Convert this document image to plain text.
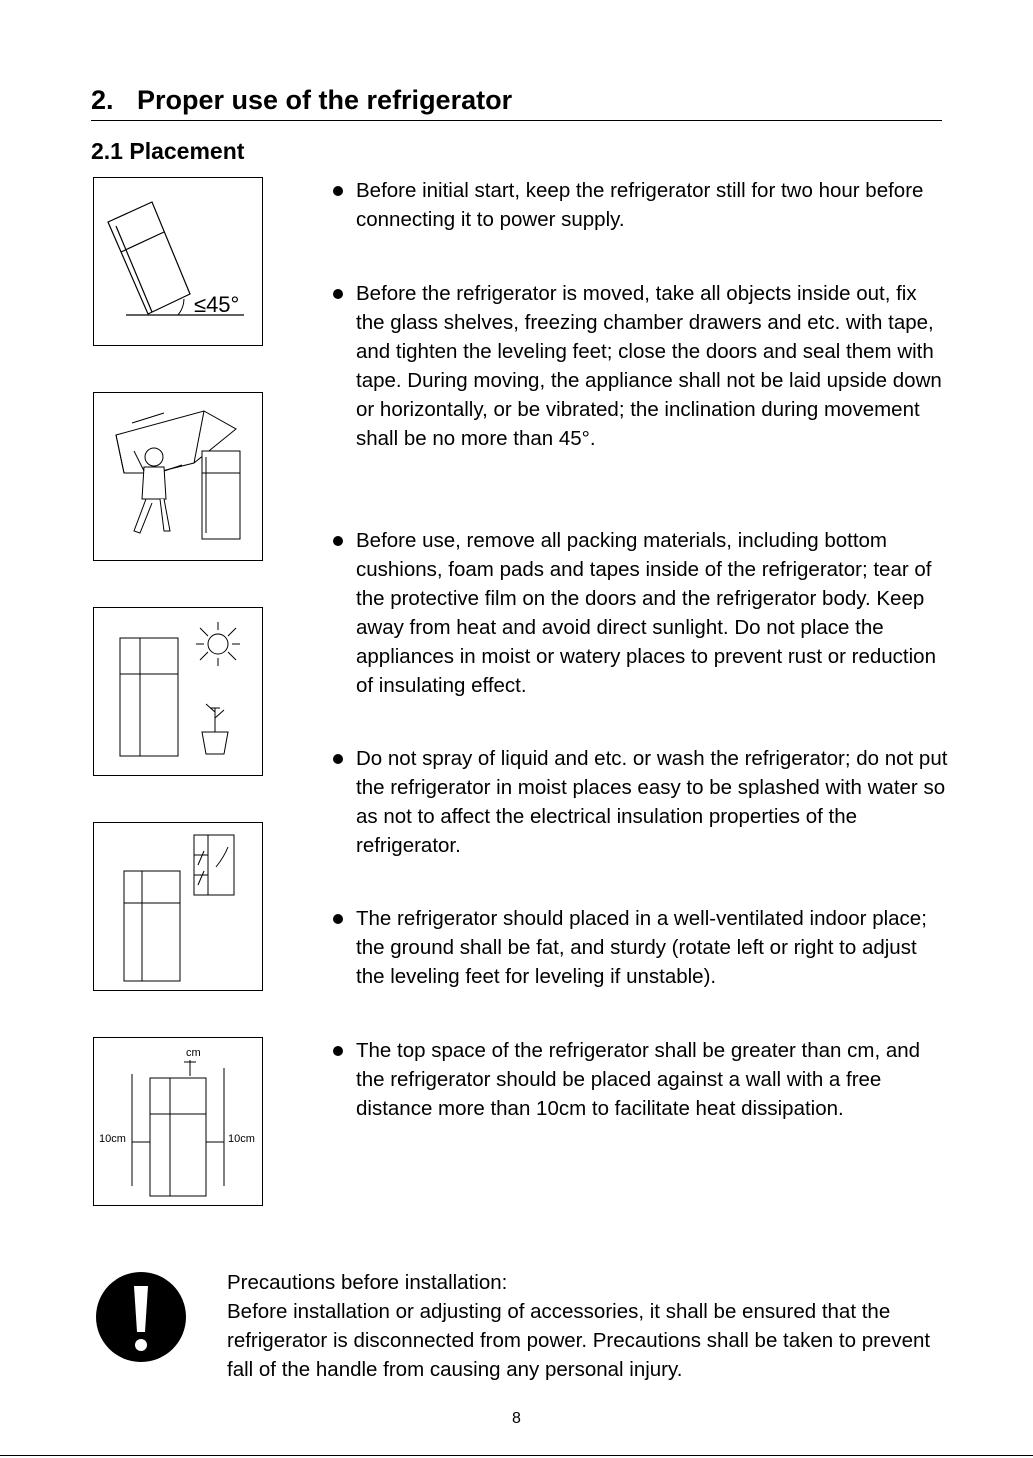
2. Proper use of the refrigerator
2.1 Placement
≤45°
cm
10cm	10cm
Before initial start, keep the refrigerator still for two hour before connecting it to power supply.
Before the refrigerator is moved, take all objects inside out, fix the glass shelves, freezing chamber drawers and etc. with tape, and tighten the leveling feet; close the doors and seal them with tape. During moving, the appliance shall not be laid upside down or horizontally, or be vibrated; the inclination during movement shall be no more than 45°.
Before use, remove all packing materials, including bottom cushions, foam pads and tapes inside of the refrigerator; tear of the protective film on the doors and the refrigerator body. Keep away from heat and avoid direct sunlight. Do not place the appliances in moist or watery places to prevent rust or reduction of insulating effect.
Do not spray of liquid and etc. or wash the refrigerator; do not put the refrigerator in moist places easy to be splashed with water so as not to affect the electrical insulation properties of the refrigerator.
The refrigerator should placed in a well-ventilated indoor place; the ground shall be fat, and sturdy (rotate left or right to adjust the leveling feet for leveling if unstable).
The top space of the refrigerator shall be greater than cm, and the refrigerator should be placed against a wall with a free distance more than 10cm to facilitate heat dissipation.
Precautions before installation:
Before installation or adjusting of accessories, it shall be ensured that the refrigerator is disconnected from power. Precautions shall be taken to prevent fall of the handle from causing any personal injury.
8
